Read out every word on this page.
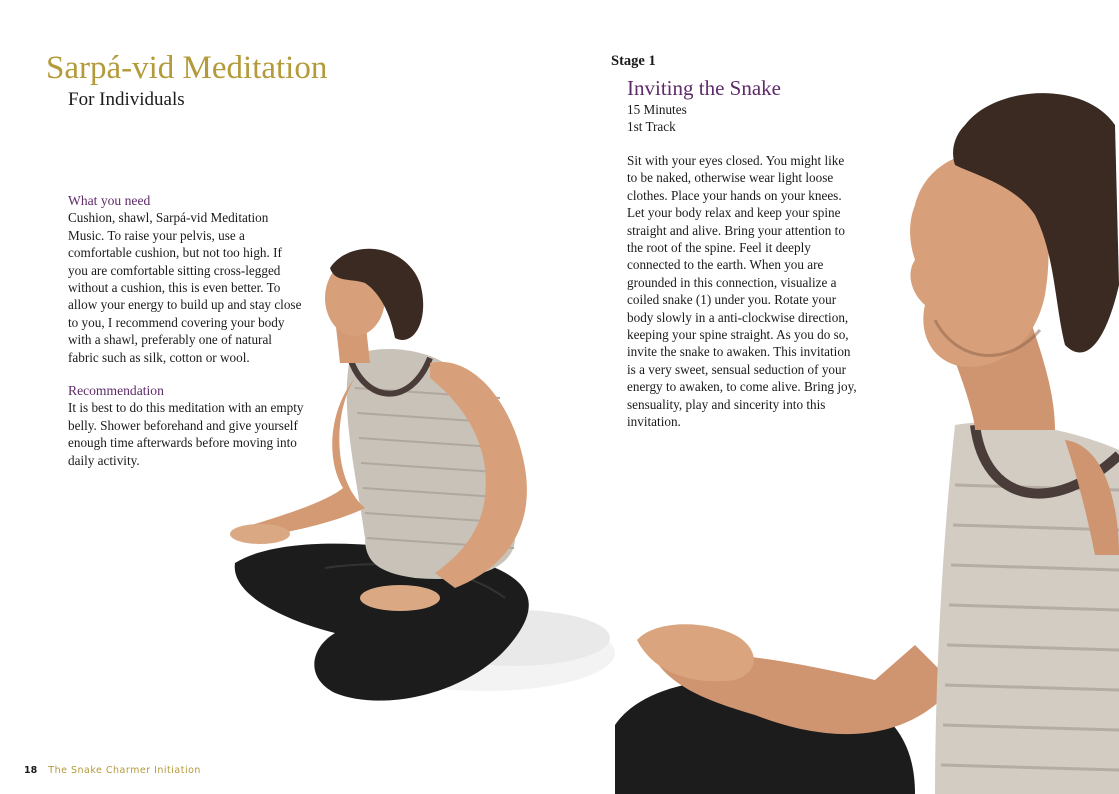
Sarpá-vid Meditation
For Individuals
What you need
Cushion, shawl, Sarpá-vid Meditation Music. To raise your pelvis, use a comfortable cushion, but not too high. If you are comfortable sitting cross-legged without a cushion, this is even better. To allow your energy to build up and stay close to you, I recommend covering your body with a shawl, preferably one of natural fabric such as silk, cotton or wool.
Recommendation
It is best to do this meditation with an empty belly. Shower beforehand and give yourself enough time afterwards before moving into daily activity.
18 The Snake Charmer Initiation
Stage 1
Inviting the Snake
15 Minutes
1st Track
Sit with your eyes closed. You might like to be naked, otherwise wear light loose clothes. Place your hands on your knees. Let your body relax and keep your spine straight and alive. Bring your attention to the root of the spine. Feel it deeply connected to the earth. When you are grounded in this connection, visualize a coiled snake (1) under you. Rotate your body slowly in a anti-clockwise direction, keeping your spine straight. As you do so, invite the snake to awaken. This invitation is a very sweet, sensual seduction of your energy to awaken, to come alive. Bring joy, sensuality, play and sincerity into this invitation.
